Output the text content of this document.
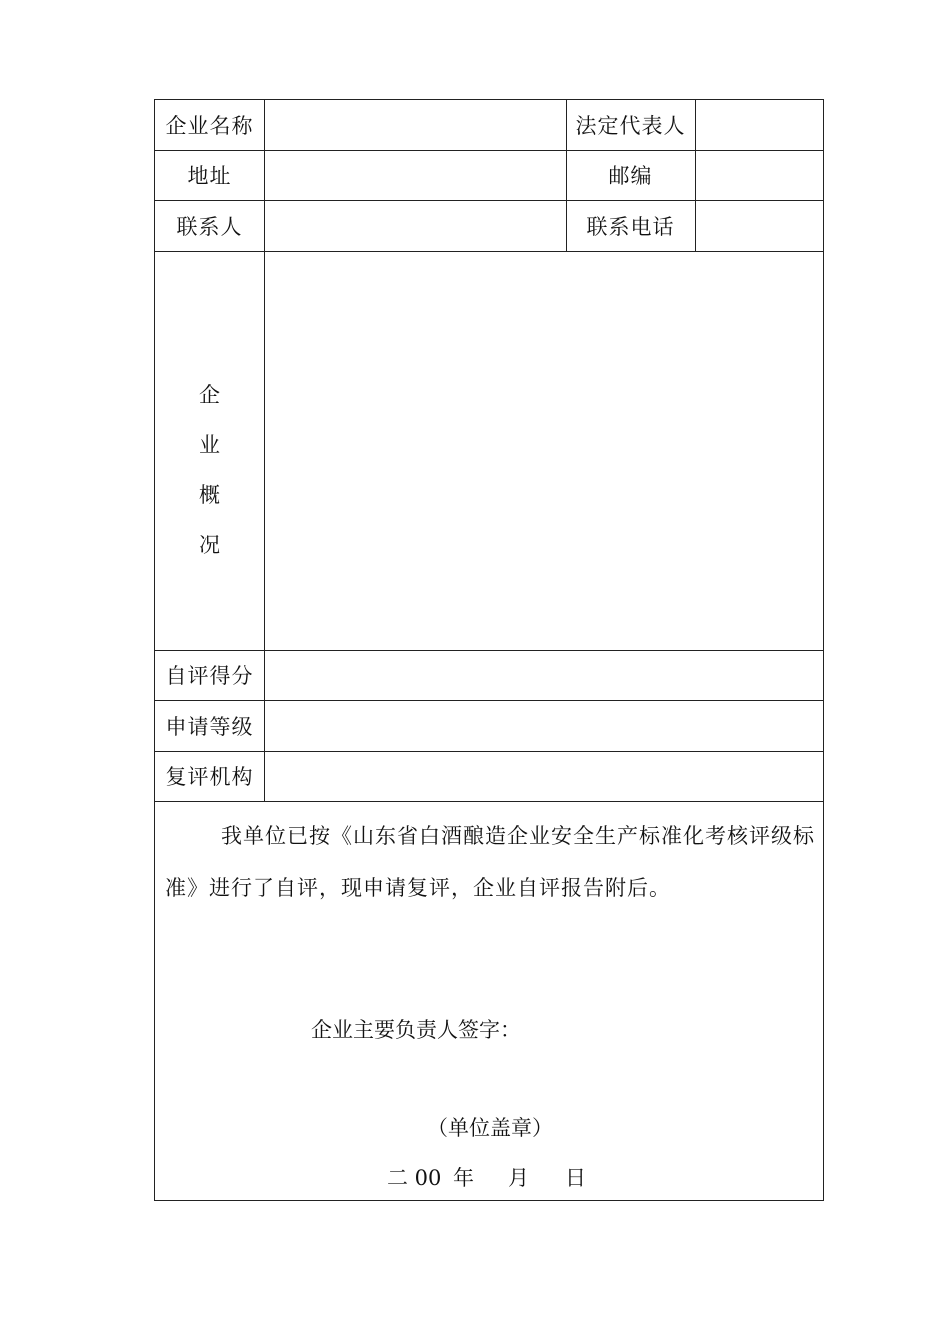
企业名称	法定代表人
地址	邮编
联系人	联系电话
企
业
概
况
自评得分
申请等级
复评机构
我单位已按《山东省白酒酿造企业安全生产标准化考核评级标准》进行了自评，现申请复评，企业自评报告附后。
企业主要负责人签字：
（单位盖章）
二 00 年	月	日
